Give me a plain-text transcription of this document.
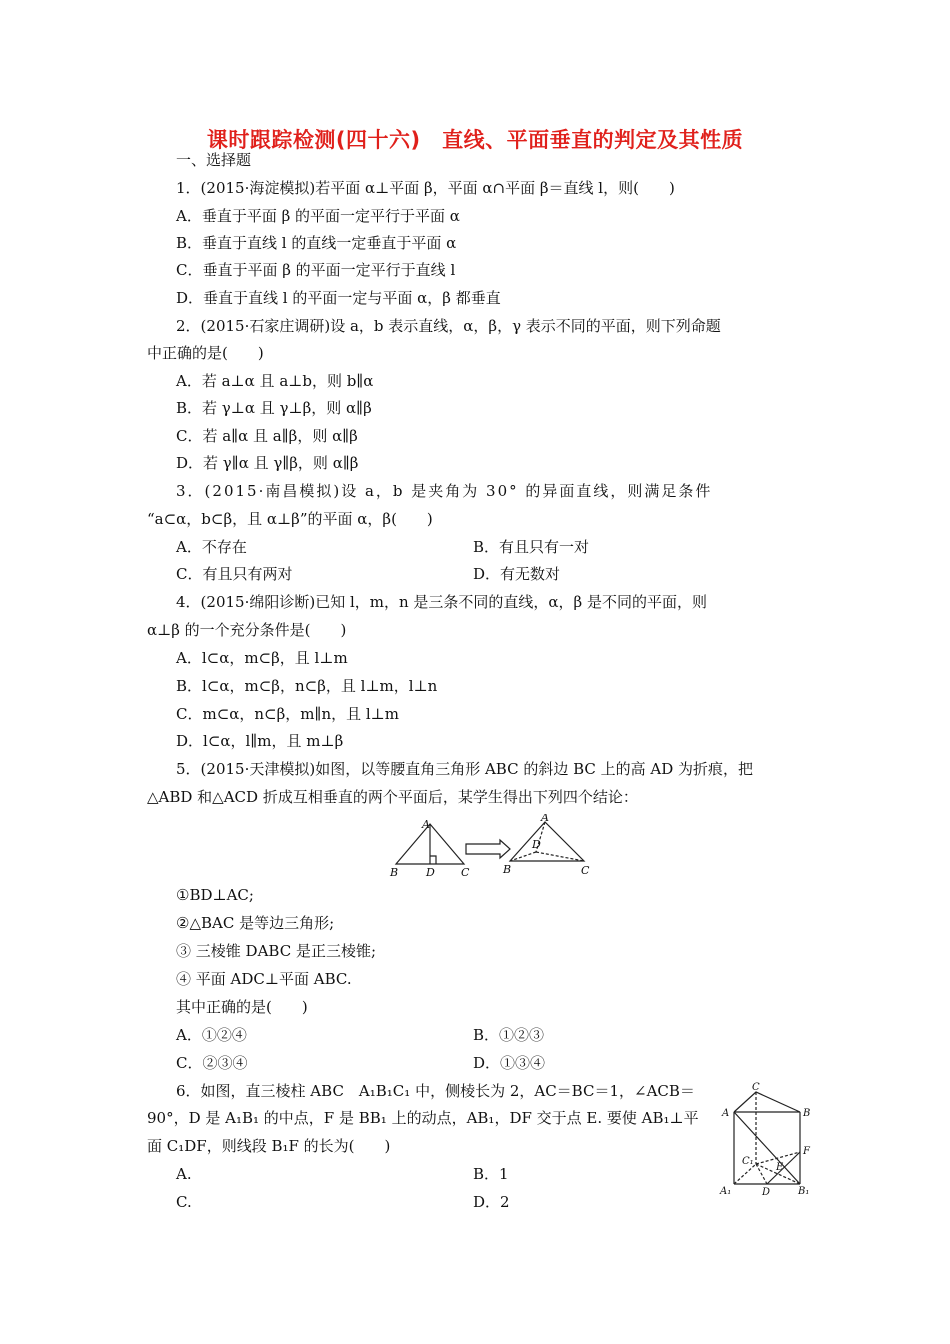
课时跟踪检测(四十六)　直线、平面垂直的判定及其性质
一、选择题
1．(2015·海淀模拟)若平面 α⊥平面 β，平面 α∩平面 β＝直线 l，则(　　)
A．垂直于平面 β 的平面一定平行于平面 α
B．垂直于直线 l 的直线一定垂直于平面 α
C．垂直于平面 β 的平面一定平行于直线 l
D．垂直于直线 l 的平面一定与平面 α，β 都垂直
2．(2015·石家庄调研)设 a，b 表示直线，α，β，γ 表示不同的平面，则下列命题
中正确的是(　　)
A．若 a⊥α 且 a⊥b，则 b∥α
B．若 γ⊥α 且 γ⊥β，则 α∥β
C．若 a∥α 且 a∥β，则 α∥β
D．若 γ∥α 且 γ∥β，则 α∥β
3．(2015·南昌模拟)设 a，b 是夹角为 30° 的异面直线，则满足条件
“a⊂α，b⊂β，且 α⊥β”的平面 α，β(　　)
A．不存在	B．有且只有一对
C．有且只有两对	D．有无数对
4．(2015·绵阳诊断)已知 l，m，n 是三条不同的直线，α，β 是不同的平面，则
α⊥β 的一个充分条件是(　　)
A．l⊂α，m⊂β，且 l⊥m
B．l⊂α，m⊂β，n⊂β，且 l⊥m，l⊥n
C．m⊂α，n⊂β，m∥n，且 l⊥m
D．l⊂α，l∥m，且 m⊥β
5．(2015·天津模拟)如图，以等腰直角三角形 ABC 的斜边 BC 上的高 AD 为折痕，把
△ABD 和△ACD 折成互相垂直的两个平面后，某学生得出下列四个结论：
A
B	D C
A
D
B	C
①BD⊥AC;
②△BAC 是等边三角形;
③ 三棱锥 DABC 是正三棱锥;
④ 平面 ADC⊥平面 ABC.
其中正确的是(　　)
A．①②④	B．①②③
C．②③④	D．①③④
6．如图，直三棱柱 ABC　A₁B₁C₁ 中，侧棱长为 2，AC＝BC＝1，∠ACB＝
90°，D 是 A₁B₁ 的中点，F 是 BB₁ 上的动点，AB₁，DF 交于点 E. 要使 AB₁⊥平
面 C₁DF，则线段 B₁F 的长为(　　)
A.	B．1
C.	D．2
C
A	B
F
C₁
E
A₁	D	B₁
